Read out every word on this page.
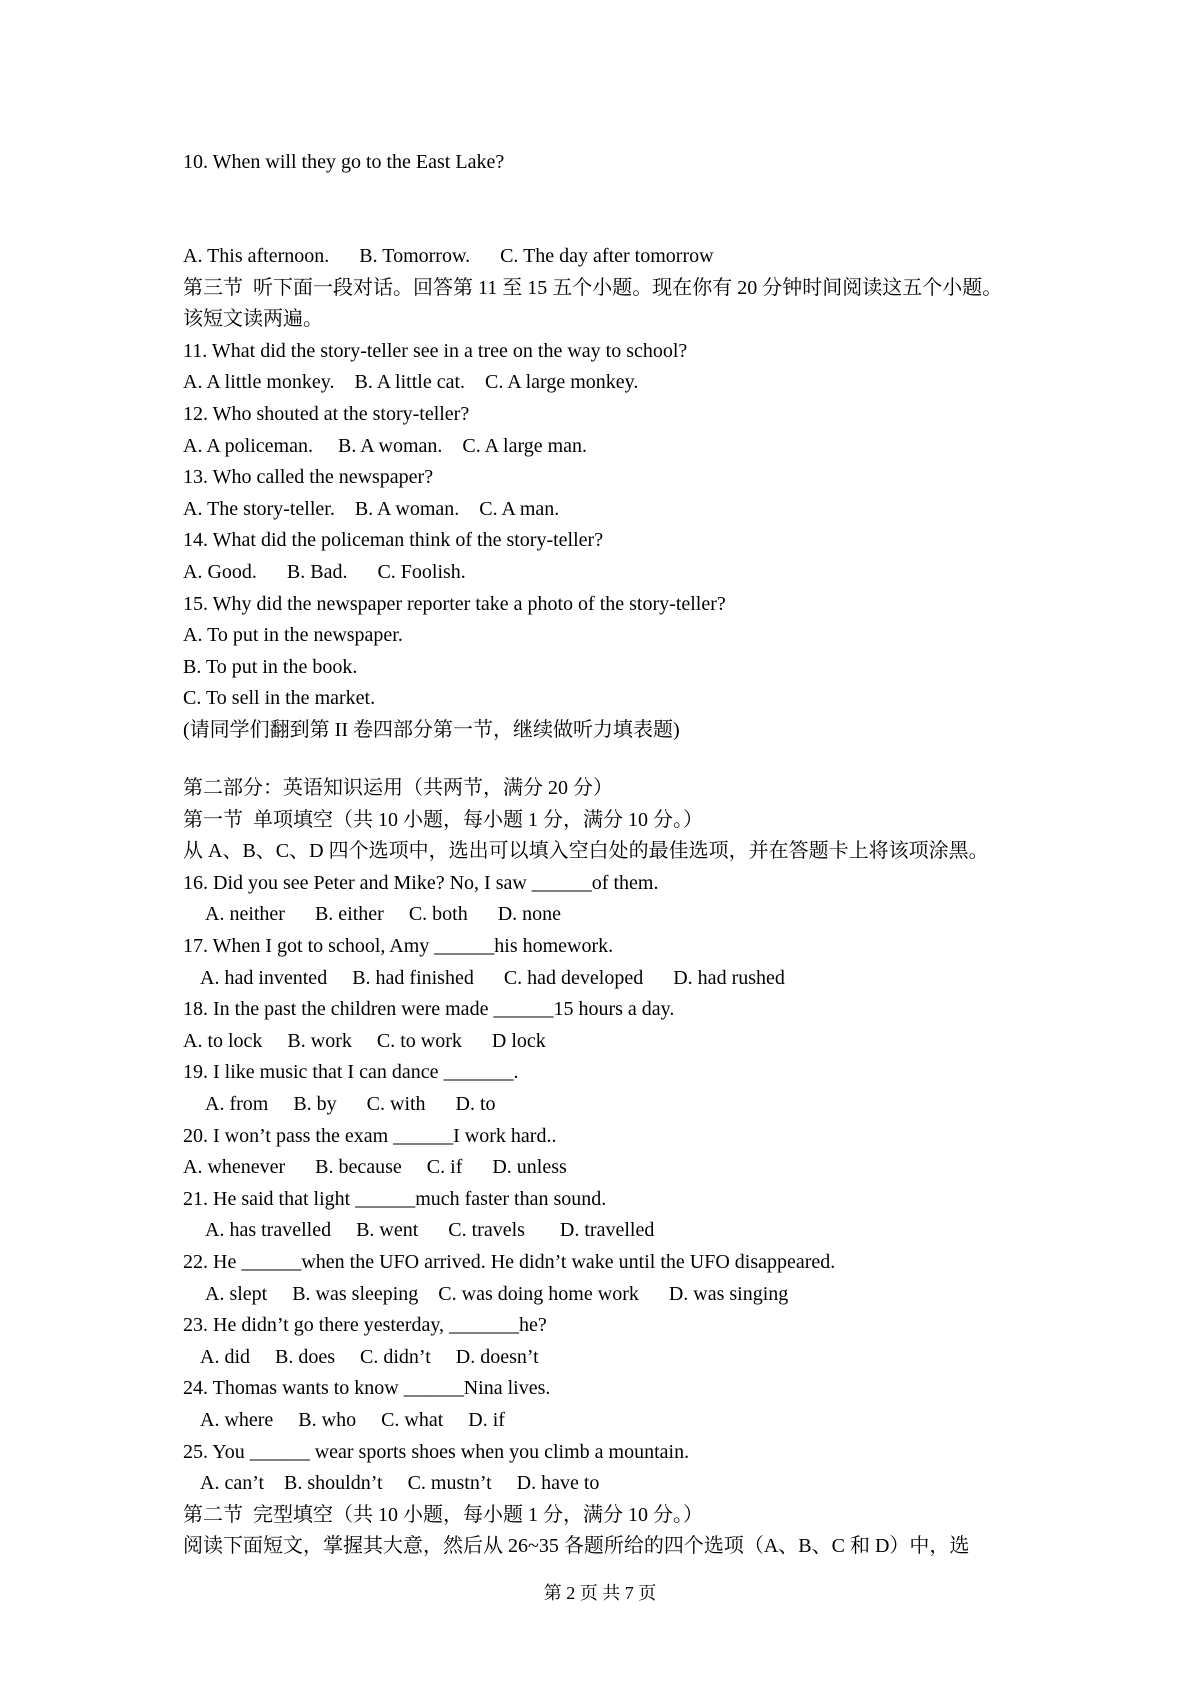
10. When will they go to the East Lake?
A. This afternoon.      B. Tomorrow.      C. The day after tomorrow
第三节  听下面一段对话。回答第 11 至 15 五个小题。现在你有 20 分钟时间阅读这五个小题。
该短文读两遍。
11. What did the story-teller see in a tree on the way to school?
A. A little monkey.    B. A little cat.    C. A large monkey.
12. Who shouted at the story-teller?
A. A policeman.     B. A woman.    C. A large man.
13. Who called the newspaper?
A. The story-teller.    B. A woman.    C. A man.
14. What did the policeman think of the story-teller?
A. Good.      B. Bad.      C. Foolish.
15. Why did the newspaper reporter take a photo of the story-teller?
A. To put in the newspaper.
B. To put in the book.
C. To sell in the market.
(请同学们翻到第 II 卷四部分第一节，继续做听力填表题)
第二部分：英语知识运用（共两节，满分 20 分）
第一节  单项填空（共 10 小题，每小题 1 分，满分 10 分。）
从 A、B、C、D 四个选项中，选出可以填入空白处的最佳选项，并在答题卡上将该项涂黑。
16. Did you see Peter and Mike? No, I saw ______of them.
A. neither      B. either     C. both      D. none
17. When I got to school, Amy ______his homework.
A. had invented     B. had finished      C. had developed      D. had rushed
18. In the past the children were made ______15 hours a day.
A. to lock     B. work     C. to work      D lock
19. I like music that I can dance _______.
A. from     B. by      C. with      D. to
20. I won’t pass the exam ______I work hard..
A. whenever      B. because     C. if      D. unless
21. He said that light ______much faster than sound.
A. has travelled     B. went      C. travels       D. travelled
22. He ______when the UFO arrived. He didn’t wake until the UFO disappeared.
A. slept     B. was sleeping    C. was doing home work      D. was singing
23. He didn’t go there yesterday, _______he?
A. did     B. does     C. didn’t     D. doesn’t
24. Thomas wants to know ______Nina lives.
A. where     B. who     C. what     D. if
25. You ______ wear sports shoes when you climb a mountain.
A. can’t    B. shouldn’t     C. mustn’t     D. have to
第二节  完型填空（共 10 小题，每小题 1 分，满分 10 分。）
阅读下面短文，掌握其大意，然后从 26~35 各题所给的四个选项（A、B、C 和 D）中，选
第 2 页 共 7 页
